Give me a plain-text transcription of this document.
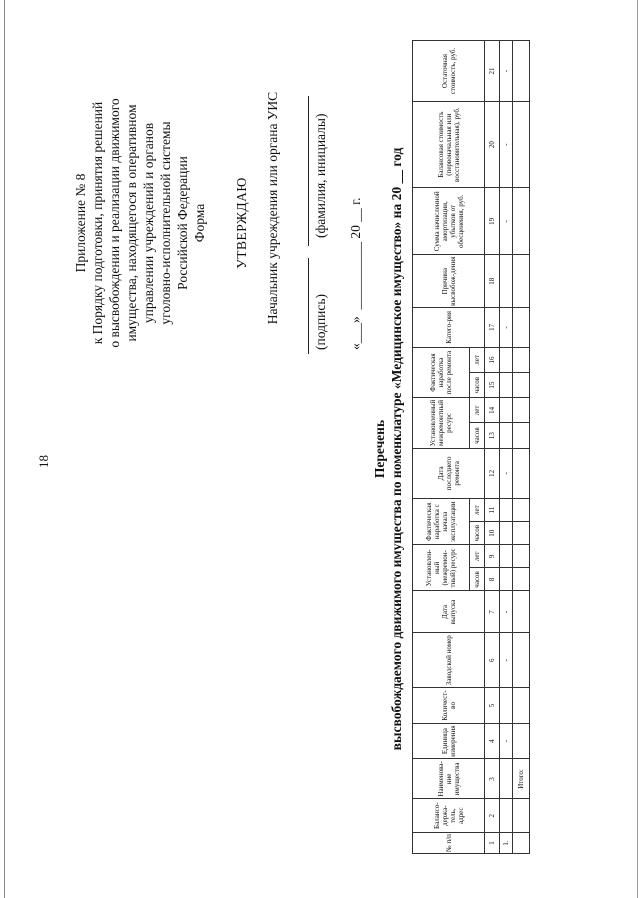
18
Приложение № 8 к Порядку подготовки, принятия решений о высвобождении и реализации движимого имущества, находящегося в оперативном управлении учреждений и органов уголовно-исполнительной системы Российской Федерации Форма УТВЕРЖДАЮ Начальник учреждения или органа УИС (подпись)
(фамилия, инициалы)
«___»  __________ 20 __ г.
Перечень высвобождаемого движимого имущества по номенклатуре «Медицинское имущество» на 20 __ год
№ п/п	Балансо-держа-тель, адрес	Наименова-ние имущества	Единица измерения	Количест-во	Заводской номер	Дата выпуска	Установлен-ный (межремон-тный) ресурс		Фактическая наработка с начала эксплуатации		Дата последнего ремонта	Установленный межремонтный ресурс		Фактическая наработка после ремонта		Катего-рия	Причина высвобож-дения	Сумма начисленной амортизации, убытков от обесценения, руб.	Балансовая стоимость (первоначальная или восстановительная), руб.	Остаточная стоимость, руб.
							часов	лет	часов	лет		часов	лет	часов	лет					
1	2	3	4	5	6	7	8	9	10	11	12	13	14	15	16	17	18	19	20	21
1.			-		-	-					-					-		-	-	-
		Итого:																		
